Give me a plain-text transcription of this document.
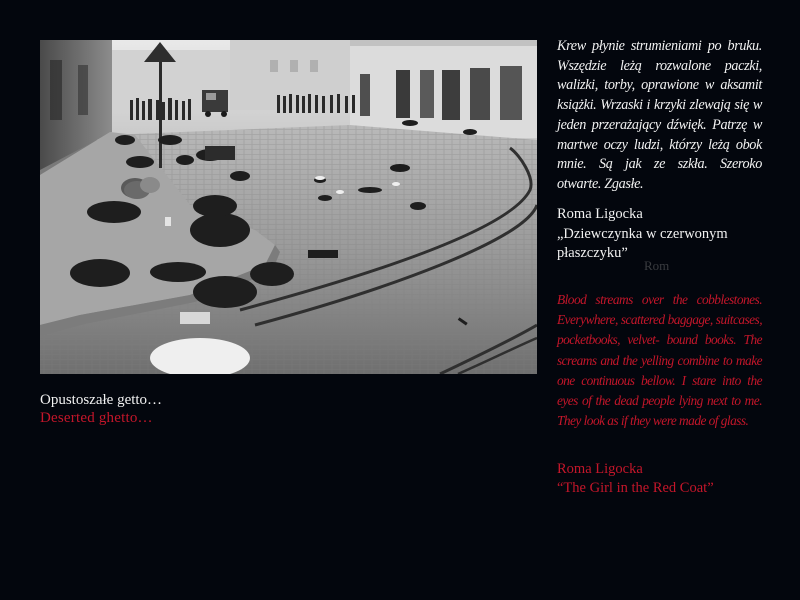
Opustoszałe getto…
Deserted ghetto…
Krew płynie strumieniami po bruku. Wszędzie leżą rozwalone paczki, walizki, torby, oprawione w aksamit książki. Wrzaski i krzyki zlewają się w jeden przerażający dźwięk. Patrzę w martwe oczy ludzi, którzy leżą obok mnie. Są jak ze szkła. Szeroko otwarte. Zgasłe.
Roma Ligocka
„Dziewczynka w czerwonym płaszczyku”
Rom
Blood streams over the cobblestones. Everywhere, scattered baggage, suitcases, pocketbooks, velvet- bound books. The screams and the yelling combine to make one continuous bellow. I stare into the eyes of the dead people lying next to me. They look as if they were made of glass.
Roma Ligocka
“The Girl in the Red Coat”
